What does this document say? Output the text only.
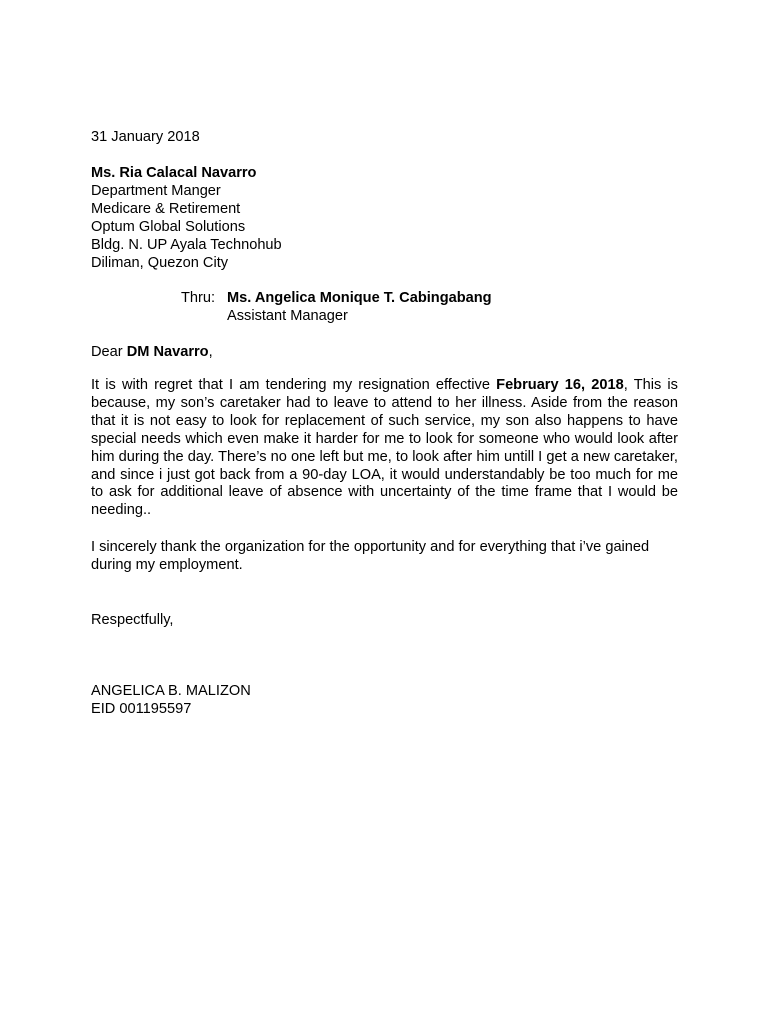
31 January 2018
Ms. Ria Calacal Navarro
Department Manger
Medicare & Retirement
Optum Global Solutions
Bldg. N. UP Ayala Technohub
Diliman, Quezon City
Thru: Ms. Angelica Monique T. Cabingabang
Assistant Manager
Dear DM Navarro,
It is with regret that I am tendering my resignation effective February 16, 2018, This is because, my son’s caretaker had to leave to attend to her illness. Aside from the reason that it is not easy to look for replacement of such service, my son also happens to have special needs which even make it harder for me to look for someone who would look after him during the day. There’s no one left but me, to look after him untill I get a new caretaker, and since i just got back from a 90-day LOA, it would understandably be too much for me to ask for additional leave of absence with uncertainty of the time frame that I would be needing..
I sincerely thank the organization for the opportunity and for everything that i’ve gained during my employment.
Respectfully,
ANGELICA B. MALIZON
EID 001195597
